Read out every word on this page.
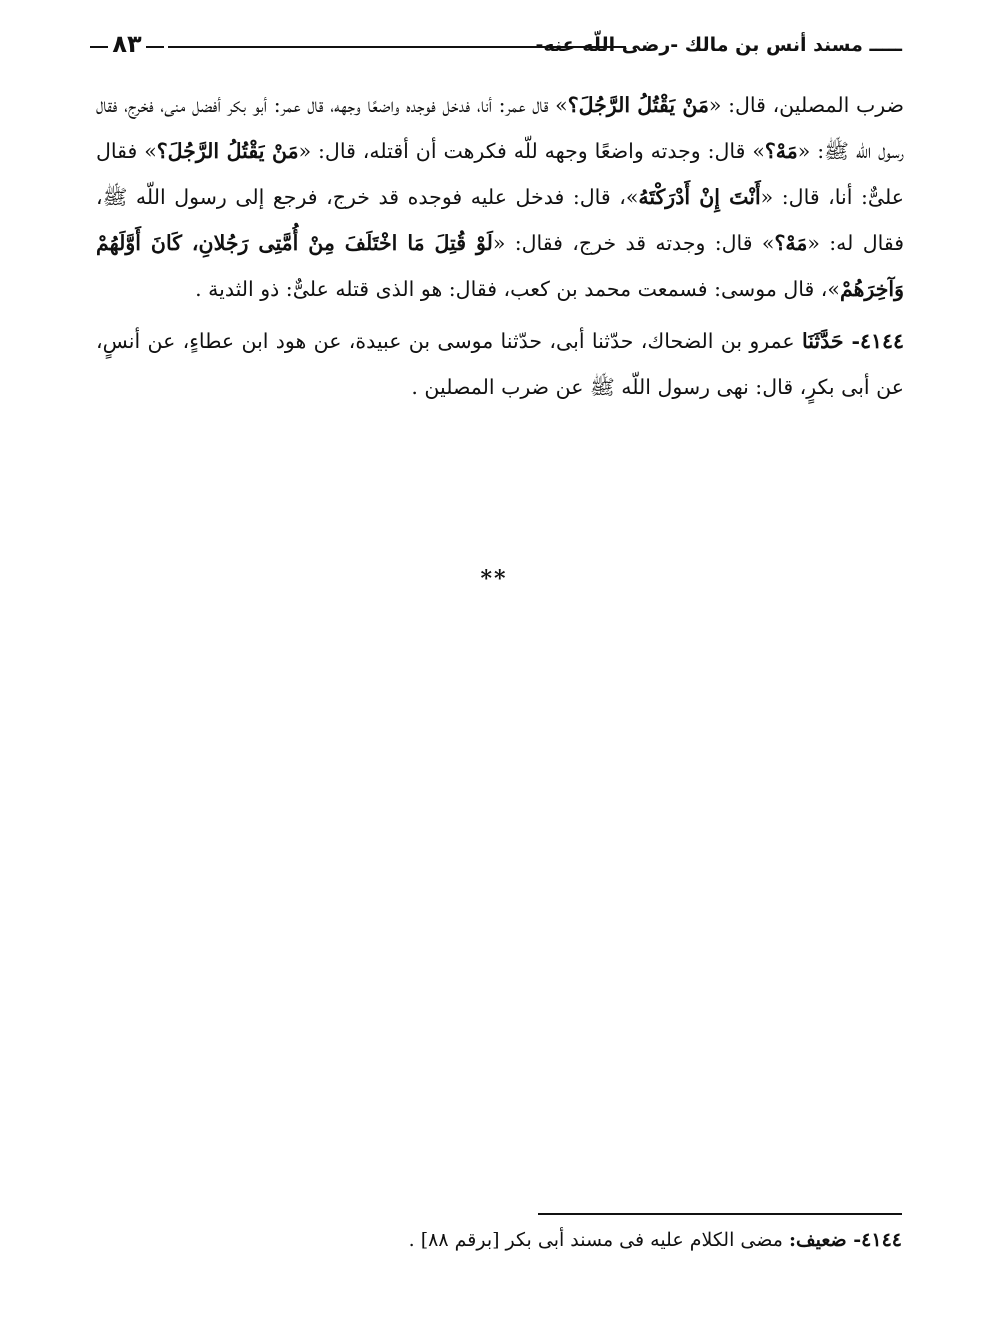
ـــــ مسند أنس بن مالك -رضى اللّه عنه-
٨٣

ضرب المصلين، قال: «مَنْ يَقْتُلُ الرَّجُلَ؟» قال عمر: أنا، فدخل فوجده واضعًا وجهه، قال عمر: أبو بكر أفضل منى، فخرج، فقال رسول اللّه ﷺ: «مَهْ؟» قال: وجدته واضعًا وجهه للّه فكرهت أن أقتله، قال: «مَنْ يَقْتُلُ الرَّجُلَ؟» فقال علىٌّ: أنا، قال: «أَنْتَ إِنْ أَدْرَكْتَهُ»، قال: فدخل عليه فوجده قد خرج، فرجع إلى رسول اللّه ﷺ، فقال له: «مَهْ؟» قال: وجدته قد خرج، فقال: «لَوْ قُتِلَ مَا اخْتَلَفَ مِنْ أُمَّتِى رَجُلانِ، كَانَ أَوَّلَهُمْ وَآخِرَهُمْ»، قال موسى: فسمعت محمد بن كعب، فقال: هو الذى قتله علىٌّ: ذو الثدية .

٤١٤٤- حَدَّثَنَا عمرو بن الضحاك، حدّثنا أبى، حدّثنا موسى بن عبيدة، عن هود ابن عطاءٍ، عن أنسٍ، عن أبى بكرٍ، قال: نهى رسول اللّه ﷺ عن ضرب المصلين .

**
٤١٤٤- ضعيف: مضى الكلام عليه فى مسند أبى بكر [برقم ٨٨] .
